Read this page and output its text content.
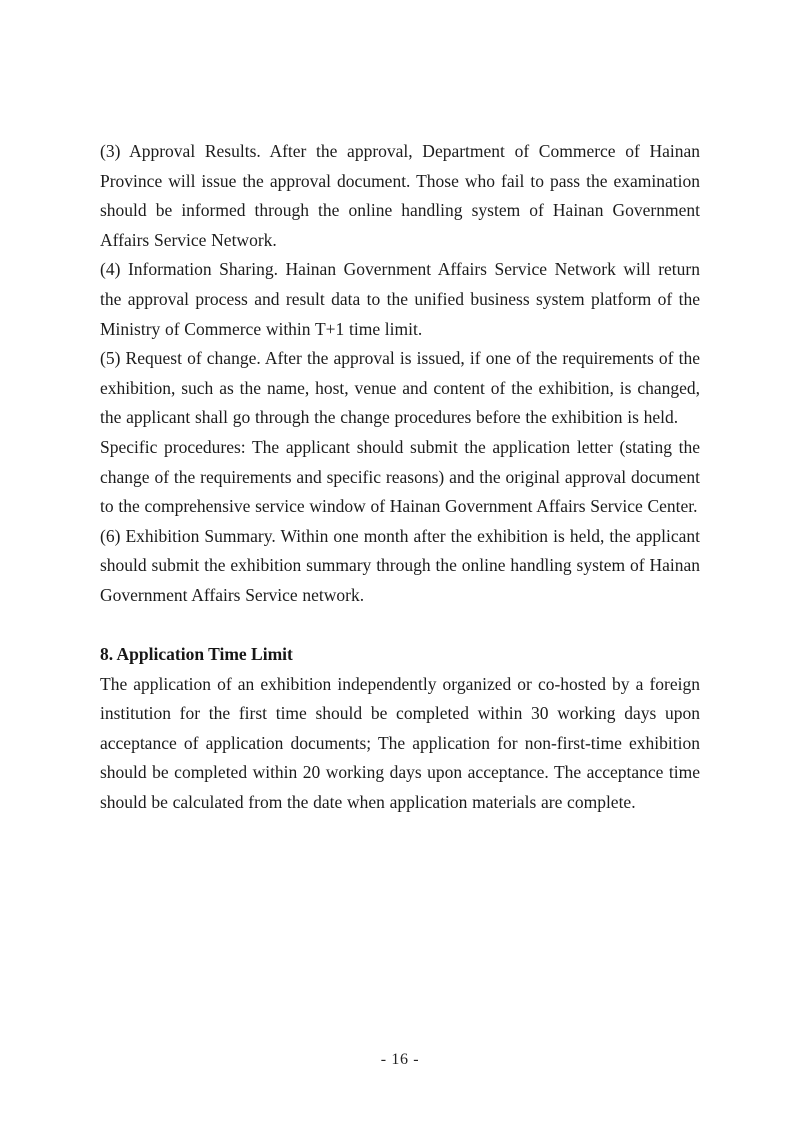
(3) Approval Results. After the approval, Department of Commerce of Hainan Province will issue the approval document. Those who fail to pass the examination should be informed through the online handling system of Hainan Government Affairs Service Network.

(4) Information Sharing. Hainan Government Affairs Service Network will return the approval process and result data to the unified business system platform of the Ministry of Commerce within T+1 time limit.

(5) Request of change. After the approval is issued, if one of the requirements of the exhibition, such as the name, host, venue and content of the exhibition, is changed, the applicant shall go through the change procedures before the exhibition is held.

Specific procedures: The applicant should submit the application letter (stating the change of the requirements and specific reasons) and the original approval document to the comprehensive service window of Hainan Government Affairs Service Center.

(6) Exhibition Summary. Within one month after the exhibition is held, the applicant should submit the exhibition summary through the online handling system of Hainan Government Affairs Service network.

8. Application Time Limit

The application of an exhibition independently organized or co-hosted by a foreign institution for the first time should be completed within 30 working days upon acceptance of application documents; The application for non-first-time exhibition should be completed within 20 working days upon acceptance. The acceptance time should be calculated from the date when application materials are complete.

- 16 -
